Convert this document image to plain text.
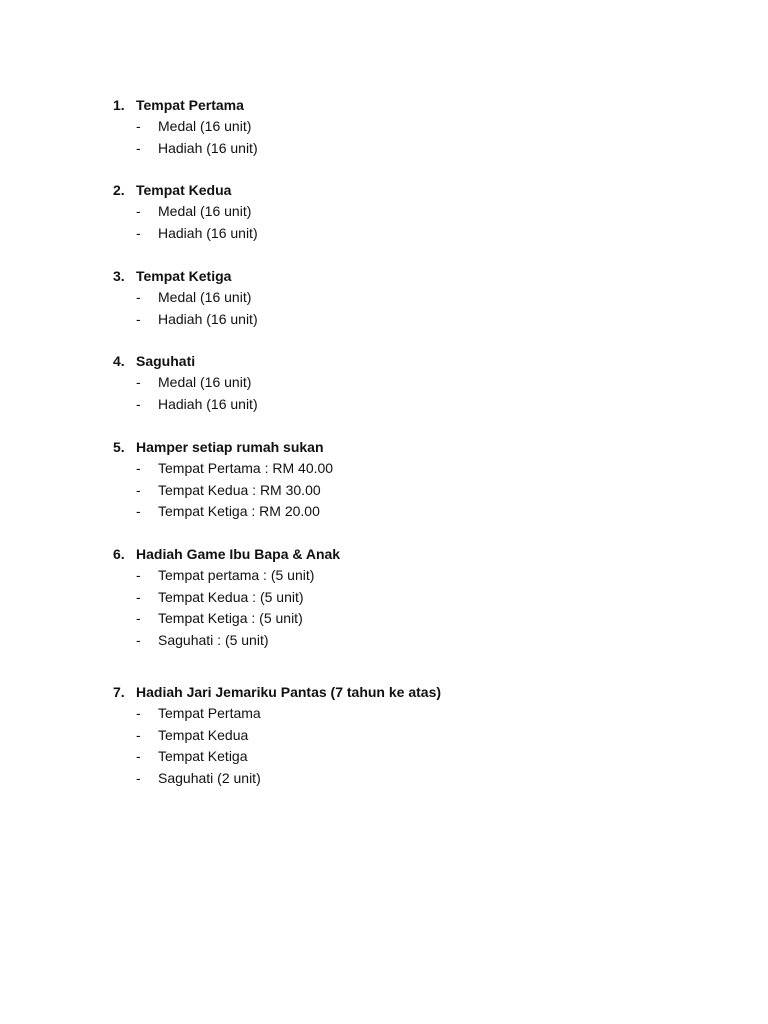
1. Tempat Pertama
-	Medal (16 unit)
-	Hadiah (16 unit)
2. Tempat Kedua
-	Medal (16 unit)
-	Hadiah (16 unit)
3. Tempat Ketiga
-	Medal (16 unit)
-	Hadiah (16 unit)
4. Saguhati
-	Medal (16 unit)
-	Hadiah (16 unit)
5. Hamper setiap rumah sukan
-	Tempat Pertama : RM 40.00
-	Tempat Kedua : RM 30.00
-	Tempat Ketiga : RM 20.00
6. Hadiah Game Ibu Bapa & Anak
-	Tempat pertama : (5 unit)
-	Tempat Kedua : (5 unit)
-	Tempat Ketiga : (5 unit)
-	Saguhati : (5 unit)
7. Hadiah Jari Jemariku Pantas (7 tahun ke atas)
-	Tempat Pertama
-	Tempat Kedua
-	Tempat Ketiga
-	Saguhati (2 unit)
